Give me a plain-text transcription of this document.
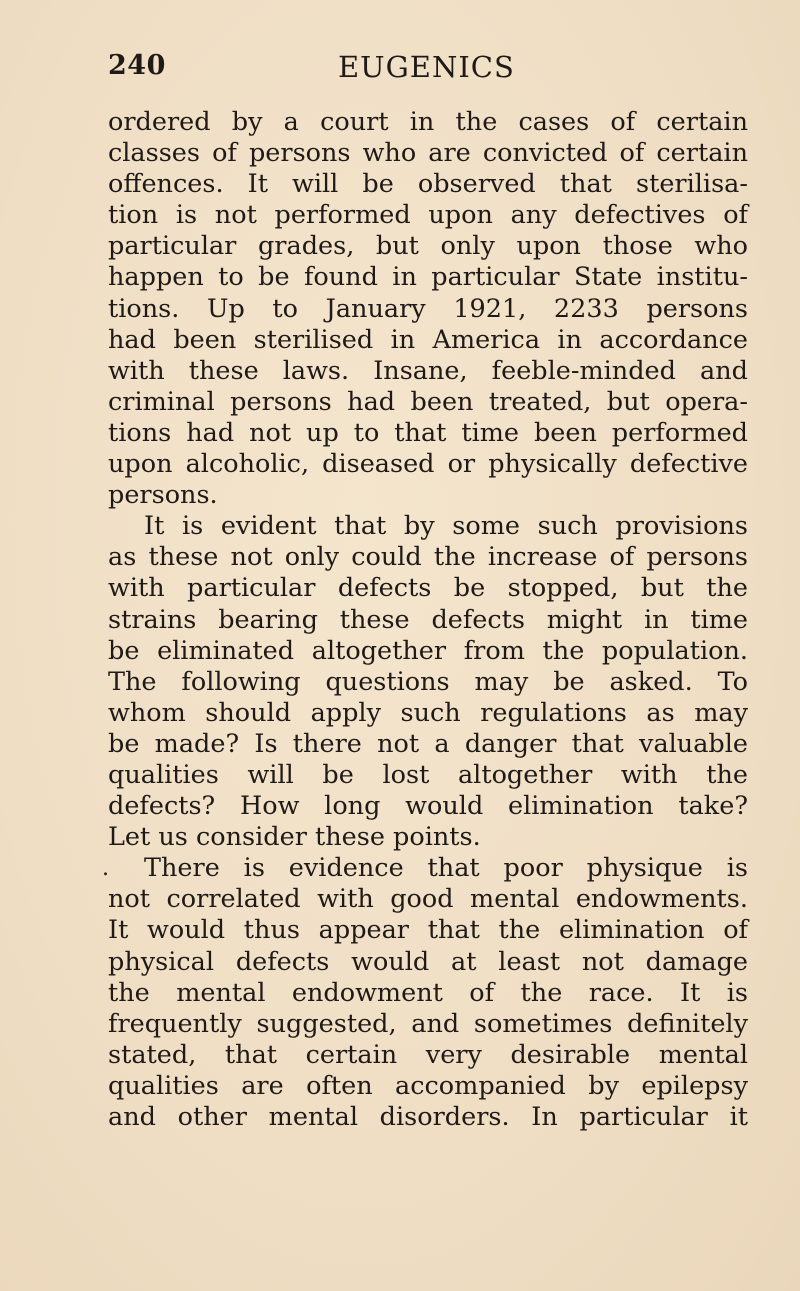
240	EUGENICS
ordered by a court in the cases of certain
classes of persons who are convicted of certain
offences. It will be observed that sterilisa-
tion is not performed upon any defectives of
particular grades, but only upon those who
happen to be found in particular State institu-
tions. Up to January 1921, 2233 persons
had been sterilised in America in accordance
with these laws. Insane, feeble-minded and
criminal persons had been treated, but opera-
tions had not up to that time been performed
upon alcoholic, diseased or physically defective
persons.
It is evident that by some such provisions
as these not only could the increase of persons
with particular defects be stopped, but the
strains bearing these defects might in time
be eliminated altogether from the population.
The following questions may be asked. To
whom should apply such regulations as may
be made? Is there not a danger that valuable
qualities will be lost altogether with the
defects? How long would elimination take?
Let us consider these points.
. There is evidence that poor physique is
not correlated with good mental endowments.
It would thus appear that the elimination of
physical defects would at least not damage
the mental endowment of the race. It is
frequently suggested, and sometimes definitely
stated, that certain very desirable mental
qualities are often accompanied by epilepsy
and other mental disorders. In particular it
